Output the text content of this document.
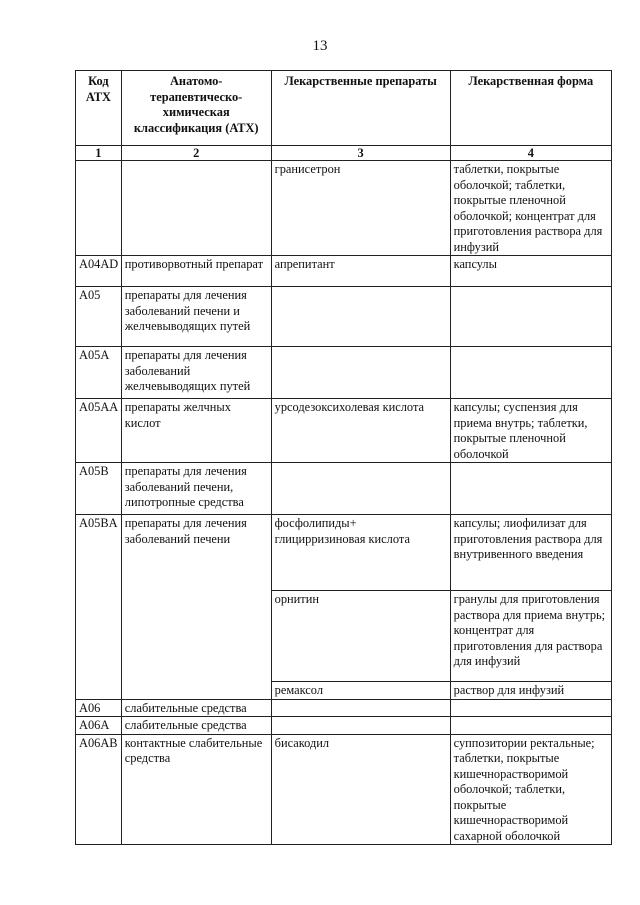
13
Код АТХ	Анатомо-терапевтическо-химическая классификация (АТХ)	Лекарственные препараты	Лекарственная форма
1	2	3	4
		гранисетрон	таблетки, покрытые оболочкой; таблетки, покрытые пленочной оболочкой; концентрат для приготовления раствора для инфузий
A04AD	противорвотный препарат	апрепитант	капсулы
A05	препараты для лечения заболеваний печени и желчевыводящих путей		
A05A	препараты для лечения заболеваний желчевыводящих путей		
A05AA	препараты желчных кислот	урсодезоксихолевая кислота	капсулы; суспензия для приема внутрь; таблетки, покрытые пленочной оболочкой
A05B	препараты для лечения заболеваний печени, липотропные средства		
A05BA	препараты для лечения заболеваний печени	фосфолипиды+ глицирризиновая кислота	капсулы; лиофилизат для приготовления раствора для внутривенного введения
		орнитин	гранулы для приготовления раствора для приема внутрь; концентрат для приготовления для раствора для инфузий
		ремаксол	раствор для инфузий
A06	слабительные средства		
A06A	слабительные средства		
A06AB	контактные слабительные средства	бисакодил	суппозитории ректальные; таблетки, покрытые кишечнорастворимой оболочкой; таблетки, покрытые кишечнорастворимой сахарной оболочкой
